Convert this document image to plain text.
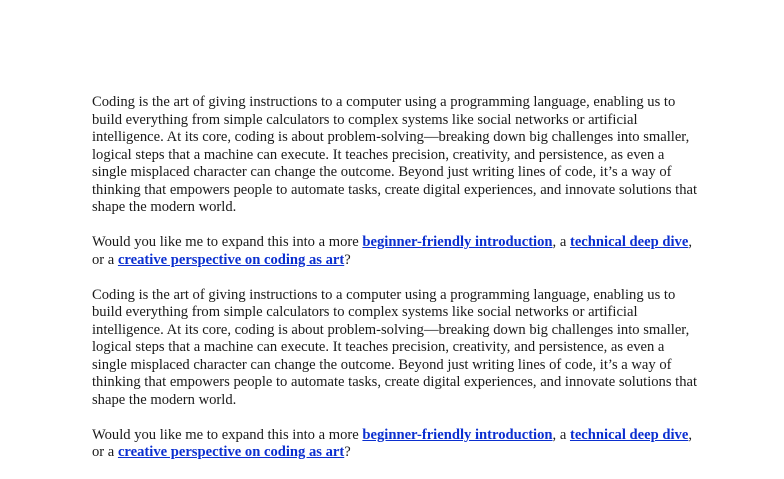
Coding is the art of giving instructions to a computer using a programming language, enabling us to build everything from simple calculators to complex systems like social networks or artificial intelligence. At its core, coding is about problem-solving—breaking down big challenges into smaller, logical steps that a machine can execute. It teaches precision, creativity, and persistence, as even a single misplaced character can change the outcome. Beyond just writing lines of code, it’s a way of thinking that empowers people to automate tasks, create digital experiences, and innovate solutions that shape the modern world.

Would you like me to expand this into a more beginner-friendly introduction, a technical deep dive, or a creative perspective on coding as art?

Coding is the art of giving instructions to a computer using a programming language, enabling us to build everything from simple calculators to complex systems like social networks or artificial intelligence. At its core, coding is about problem-solving—breaking down big challenges into smaller, logical steps that a machine can execute. It teaches precision, creativity, and persistence, as even a single misplaced character can change the outcome. Beyond just writing lines of code, it’s a way of thinking that empowers people to automate tasks, create digital experiences, and innovate solutions that shape the modern world.

Would you like me to expand this into a more beginner-friendly introduction, a technical deep dive, or a creative perspective on coding as art?
